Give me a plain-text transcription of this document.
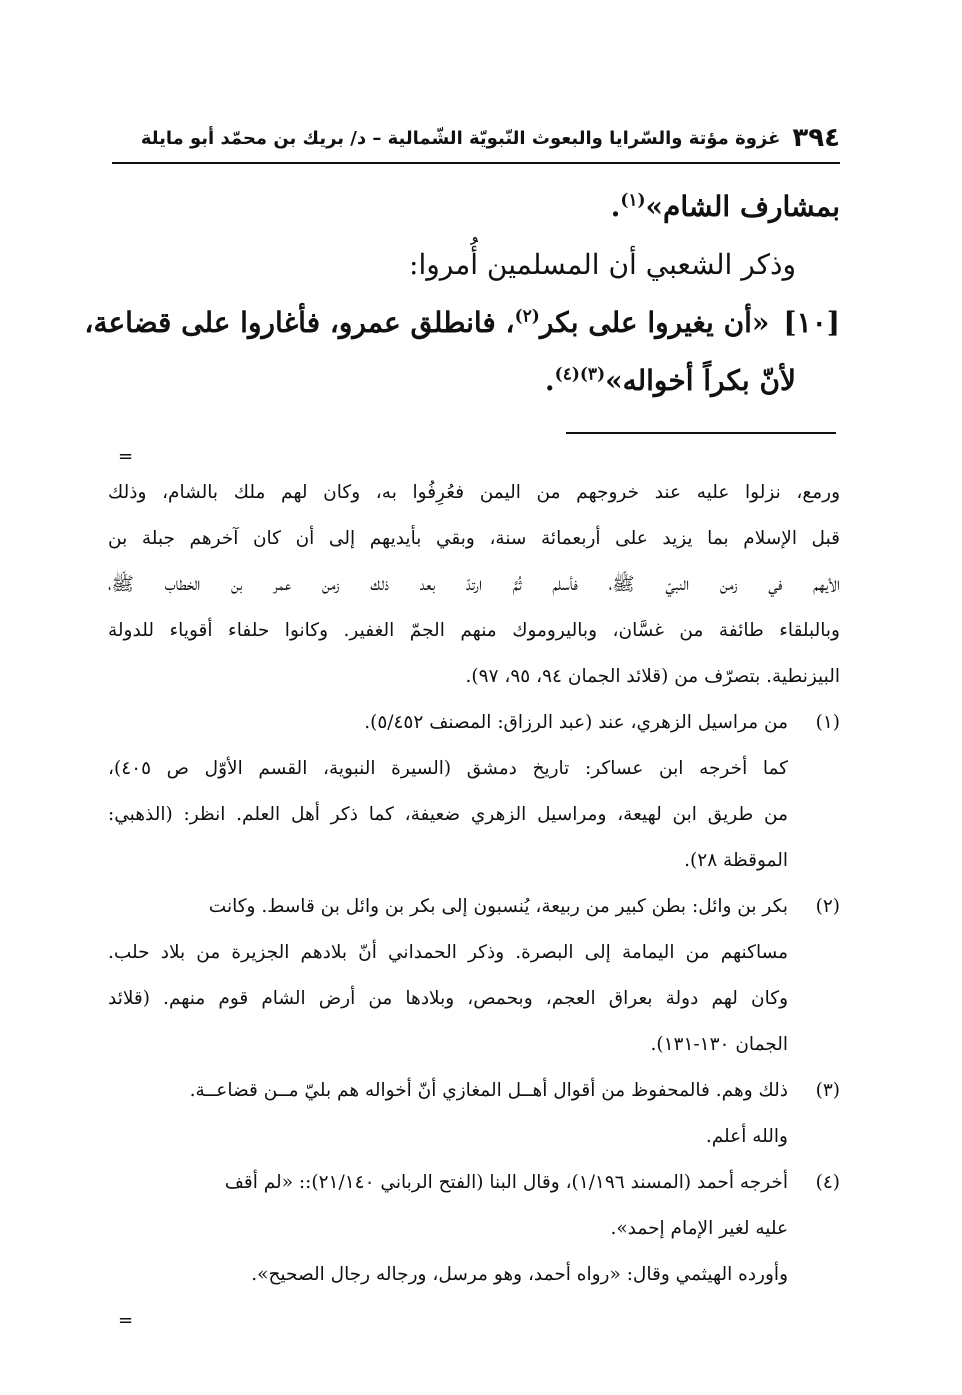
٣٩٤
غزوة مؤتة والسّرايا والبعوث النّبويّة الشّمالية – د/ بريك بن محمّد أبو مايلة
بمشارف الشام»$^{(١)}$.
وذكر الشعبي أن المسلمين أُمروا:
[١٠]«أن يغيروا على بكر$^{(٢)}$، فانطلق عمرو، فأغاروا على قضاعة،
لأنّ بكراً أخواله»$^{(٣)(٤)}$.
=
ورمع، نزلوا عليه عند خروجهم من اليمن فعُرِفُوا به، وكان لهم ملك بالشام، وذلك
قبل الإسلام بما يزيد على أربعمائة سنة، وبقي بأيديهم إلى أن كان آخرهم جبلة بن
الأيهم في زمن النبيّ ﷺ، فأسلم ثُمَّ ارتدّ بعد ذلك زمن عمر بن الخطاب ﷺ،
وبالبلقاء طائفة من غسَّان، وباليروموك منهم الجمّ الغفير. وكانوا حلفاء أقوياء للدولة
البيزنطية. بتصرّف من (قلائد الجمان ٩٤، ٩٥، ٩٧).
(١)من مراسيل الزهري، عند (عبد الرزاق: المصنف ٥/٤٥٢).
كما أخرجه ابن عساكر: تاريخ دمشق (السيرة النبوية، القسم الأوّل ص ٤٠٥)،
من طريق ابن لهيعة، ومراسيل الزهري ضعيفة، كما ذكر أهل العلم. انظر: (الذهبي:
الموقظة ٢٨).
(٢)بكر بن وائل: بطن كبير من ربيعة، يُنسبون إلى بكر بن وائل بن قاسط. وكانت
مساكنهم من اليمامة إلى البصرة. وذكر الحمداني أنّ بلادهم الجزيرة من بلاد حلب.
وكان لهم دولة بعراق العجم، وبحمص، وبلادها من أرض الشام قوم منهم. (قلائد
الجمان ١٣٠-١٣١).
(٣)ذلك وهم. فالمحفوظ من أقوال أهــل المغازي أنّ أخواله هم بليّ مــن قضاعــة.
والله أعلم.
(٤)أخرجه أحمد (المسند ١/١٩٦)، وقال البنا (الفتح الرباني ٢١/١٤٠):: «لم أقف
عليه لغير الإمام إحمد».
وأورده الهيثمي وقال: «رواه أحمد، وهو مرسل، ورجاله رجال الصحيح».
=
